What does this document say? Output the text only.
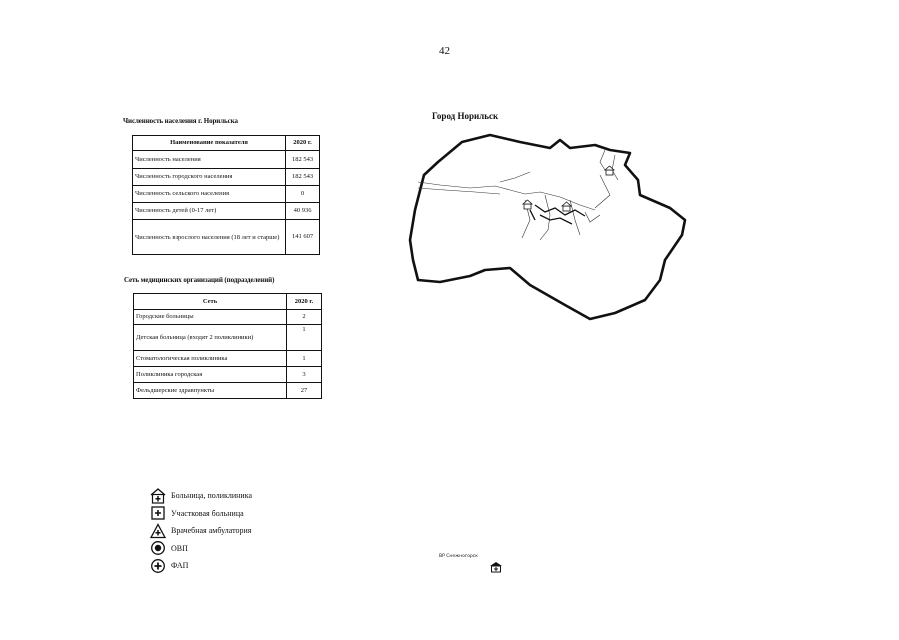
42
Численность населения г. Норильска
Наименование показателя	2020 г.
Численность населения	182 543
Численность городского населения	182 543
Численность сельского населения	0
Численность детей (0-17 лет)	40 936
Численность взрослого населения (18 лет и старше)	141 607
Сеть медицинских организаций (подразделений)
Сеть	2020 г.
Городские больницы	2
Детская больница (входят 2 поликлиники)	1
Стоматологическая поликлиника	1
Поликлиника городская	3
Фельдшерские здравпункты	27
Город Норильск
ВР Снежногорск
Больница, поликлиника
Участковая больница
Врачебная амбулатория
ОВП
ФАП
